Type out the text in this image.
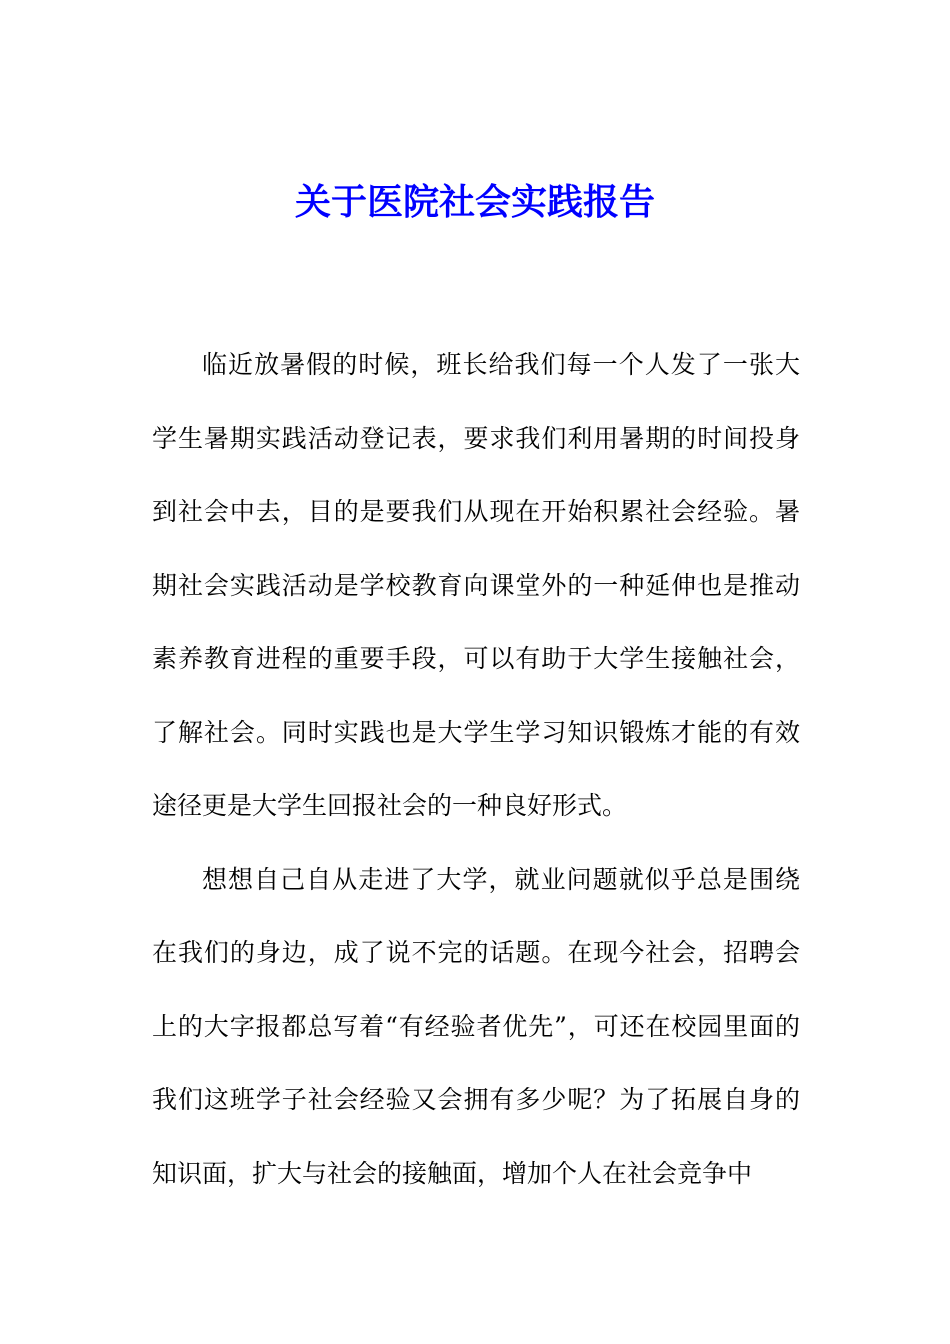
关于医院社会实践报告

临近放暑假的时候，班长给我们每一个人发了一张大学生暑期实践活动登记表，要求我们利用暑期的时间投身到社会中去，目的是要我们从现在开始积累社会经验。暑期社会实践活动是学校教育向课堂外的一种延伸也是推动素养教育进程的重要手段，可以有助于大学生接触社会，了解社会。同时实践也是大学生学习知识锻炼才能的有效途径更是大学生回报社会的一种良好形式。

想想自己自从走进了大学，就业问题就似乎总是围绕在我们的身边，成了说不完的话题。在现今社会，招聘会上的大字报都总写着“有经验者优先”，可还在校园里面的我们这班学子社会经验又会拥有多少呢？为了拓展自身的知识面，扩大与社会的接触面，增加个人在社会竞争中
